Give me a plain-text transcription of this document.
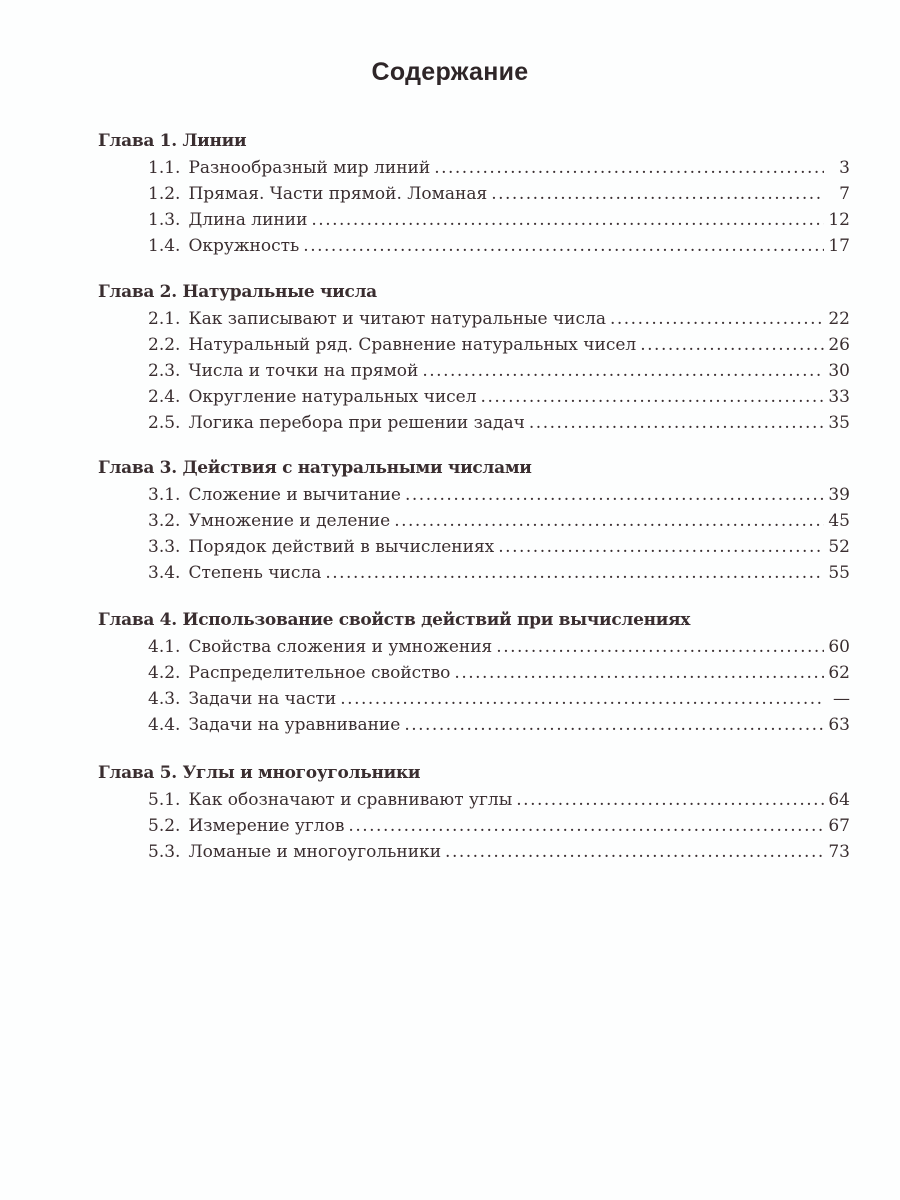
Содержание
Глава 1. Линии
1.1. Разнообразный мир линий .....	3
1.2. Прямая. Части прямой. Ломаная .....	7
1.3. Длина линии .....	12
1.4. Окружность .....	17
Глава 2. Натуральные числа
2.1. Как записывают и читают натуральные числа .....	22
2.2. Натуральный ряд. Сравнение натуральных чисел .....	26
2.3. Числа и точки на прямой .....	30
2.4. Округление натуральных чисел .....	33
2.5. Логика перебора при решении задач .....	35
Глава 3. Действия с натуральными числами
3.1. Сложение и вычитание .....	39
3.2. Умножение и деление .....	45
3.3. Порядок действий в вычислениях .....	52
3.4. Степень числа .....	55
Глава 4. Использование свойств действий при вычислениях
4.1. Свойства сложения и умножения .....	60
4.2. Распределительное свойство .....	62
4.3. Задачи на части .....	—
4.4. Задачи на уравнивание .....	63
Глава 5. Углы и многоугольники
5.1. Как обозначают и сравнивают углы .....	64
5.2. Измерение углов .....	67
5.3. Ломаные и многоугольники .....	73
